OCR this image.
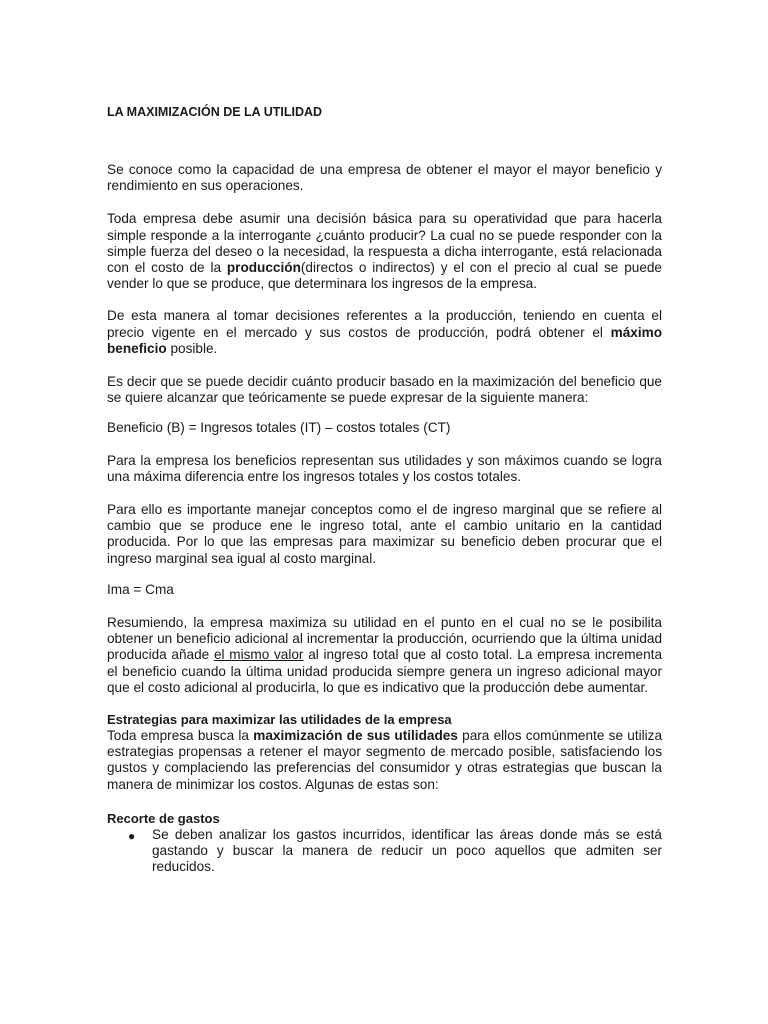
LA MAXIMIZACIÓN DE LA UTILIDAD

Se conoce como la capacidad de una empresa de obtener el mayor el mayor beneficio y rendimiento en sus operaciones.

Toda empresa debe asumir una decisión básica para su operatividad que para hacerla simple responde a la interrogante ¿cuánto producir? La cual no se puede responder con la simple fuerza del deseo o la necesidad, la respuesta a dicha interrogante, está relacionada con el costo de la producción(directos o indirectos) y el con el precio al cual se puede vender lo que se produce, que determinara los ingresos de la empresa.

De esta manera al tomar decisiones referentes a la producción, teniendo en cuenta el precio vigente en el mercado y sus costos de producción, podrá obtener el máximo beneficio posible.

Es decir que se puede decidir cuánto producir basado en la maximización del beneficio que se quiere alcanzar que teóricamente se puede expresar de la siguiente manera:

Beneficio (B) = Ingresos totales (IT) – costos totales (CT)

Para la empresa los beneficios representan sus utilidades y son máximos cuando se logra una máxima diferencia entre los ingresos totales y los costos totales.

Para ello es importante manejar conceptos como el de ingreso marginal que se refiere al cambio que se produce ene le ingreso total, ante el cambio unitario en la cantidad producida. Por lo que las empresas para maximizar su beneficio deben procurar que el ingreso marginal sea igual al costo marginal.

Ima = Cma

Resumiendo, la empresa maximiza su utilidad en el punto en el cual no se le posibilita obtener un beneficio adicional al incrementar la producción, ocurriendo que la última unidad producida añade el mismo valor al ingreso total que al costo total. La empresa incrementa el beneficio cuando la última unidad producida siempre genera un ingreso adicional mayor que el costo adicional al producirla, lo que es indicativo que la producción debe aumentar.

Estrategias para maximizar las utilidades de la empresa

Toda empresa busca la maximización de sus utilidades para ellos comúnmente se utiliza estrategias propensas a retener el mayor segmento de mercado posible, satisfaciendo los gustos y complaciendo las preferencias del consumidor y otras estrategias que buscan la manera de minimizar los costos. Algunas de estas son:

Recorte de gastos
● Se deben analizar los gastos incurridos, identificar las áreas donde más se está gastando y buscar la manera de reducir un poco aquellos que admiten ser reducidos.
